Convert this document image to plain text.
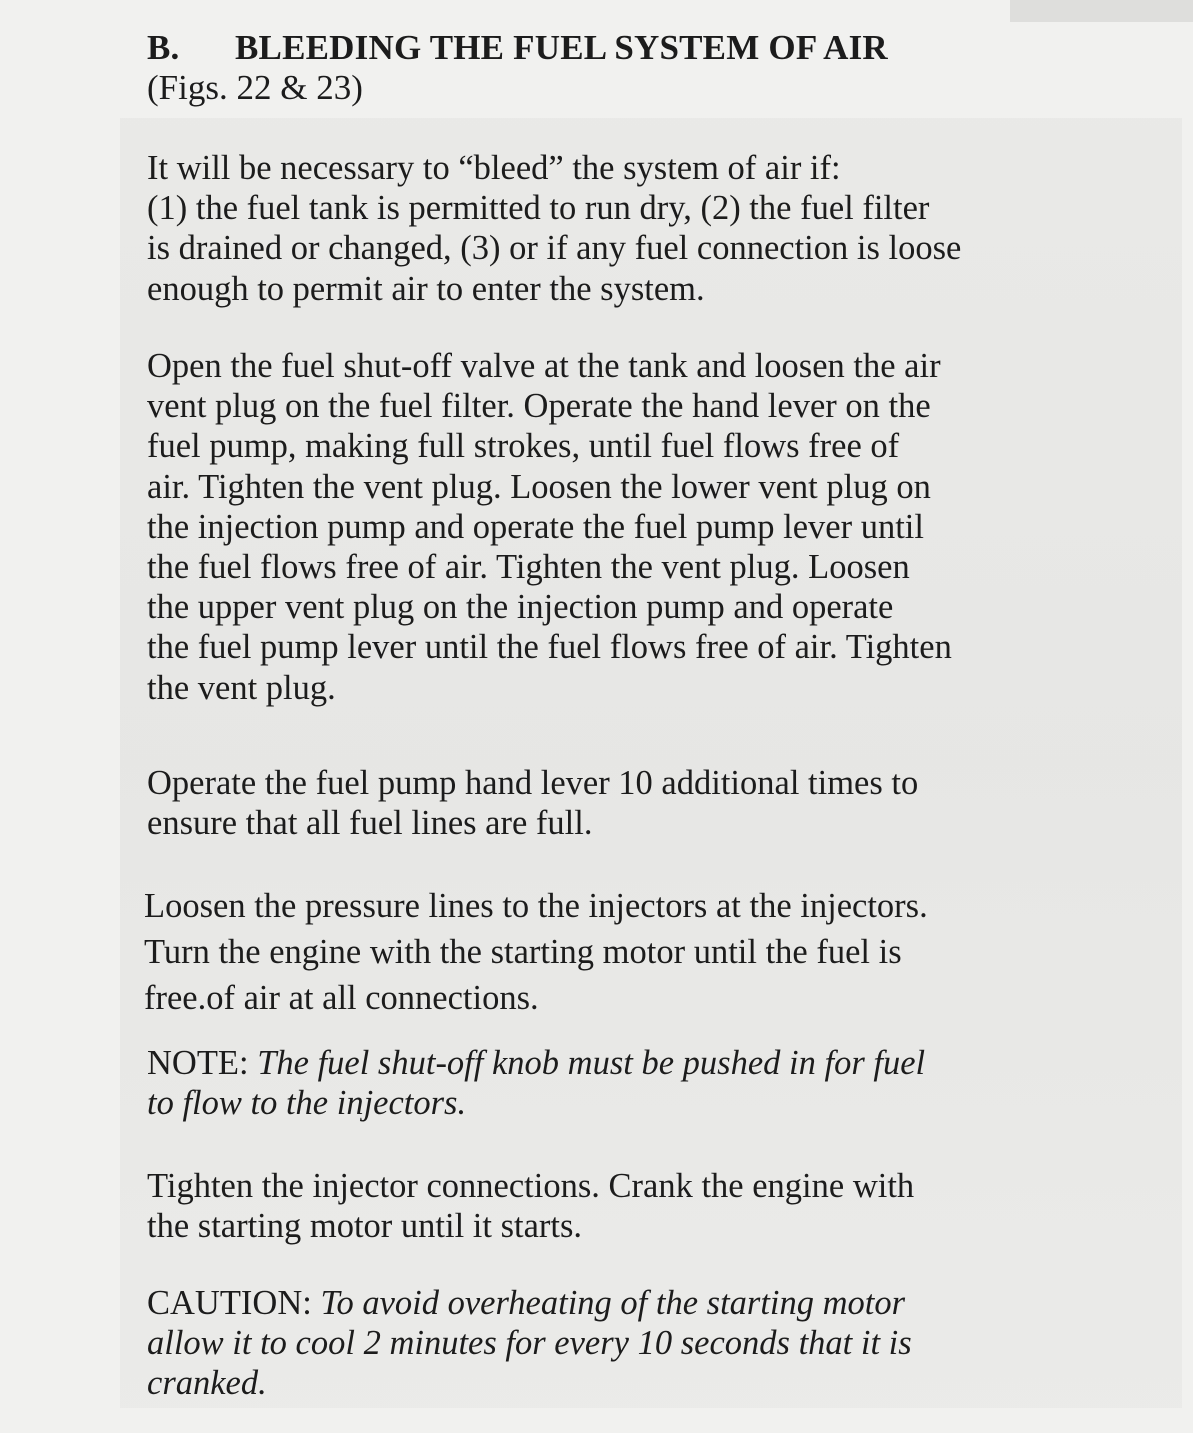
B. BLEEDING THE FUEL SYSTEM OF AIR

(Figs. 22 & 23)

It will be necessary to “bleed” the system of air if:
(1) the fuel tank is permitted to run dry, (2) the fuel filter
is drained or changed, (3) or if any fuel connection is loose
enough to permit air to enter the system.

Open the fuel shut-off valve at the tank and loosen the air
vent plug on the fuel filter. Operate the hand lever on the
fuel pump, making full strokes, until fuel flows free of
air. Tighten the vent plug. Loosen the lower vent plug on
the injection pump and operate the fuel pump lever until
the fuel flows free of air. Tighten the vent plug. Loosen
the upper vent plug on the injection pump and operate
the fuel pump lever until the fuel flows free of air. Tighten
the vent plug.

Operate the fuel pump hand lever 10 additional times to
ensure that all fuel lines are full.

Loosen the pressure lines to the injectors at the injectors.
Turn the engine with the starting motor until the fuel is
free.of air at all connections.

NOTE: The fuel shut-off knob must be pushed in for fuel
to flow to the injectors.

Tighten the injector connections. Crank the engine with
the starting motor until it starts.

CAUTION: To avoid overheating of the starting motor
allow it to cool 2 minutes for every 10 seconds that it is
cranked.
